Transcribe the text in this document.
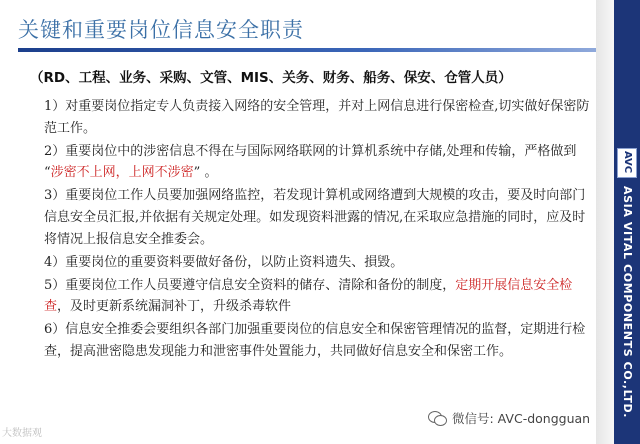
关键和重要岗位信息安全职责
AVC
ASIA VITAL COMPONENTS CO.,LTD.
（RD、工程、业务、采购、文管、MIS、关务、财务、船务、保安、仓管人员）

1）对重要岗位指定专人负责接入网络的安全管理，并对上网信息进行保密检查,切实做好保密防范工作。

2）重要岗位中的涉密信息不得在与国际网络联网的计算机系统中存储,处理和传输，严格做到 “涉密不上网，上网不涉密” 。

3）重要岗位工作人员要加强网络监控，若发现计算机或网络遭到大规模的攻击，要及时向部门信息安全员汇报,并依据有关规定处理。如发现资料泄露的情况,在采取应急措施的同时，应及时将情况上报信息安全推委会。

4）重要岗位的重要资料要做好备份，以防止资料遗失、損毀。

5）重要岗位工作人员要遵守信息安全资料的储存、清除和备份的制度，定期开展信息安全检查，及时更新系统漏洞补丁，升级杀毒软件

6）信息安全推委会要组织各部门加强重要岗位的信息安全和保密管理情况的监督，定期进行检查，提高泄密隐患发现能力和泄密事件处置能力，共同做好信息安全和保密工作。

微信号: AVC-dongguan
大数据观
